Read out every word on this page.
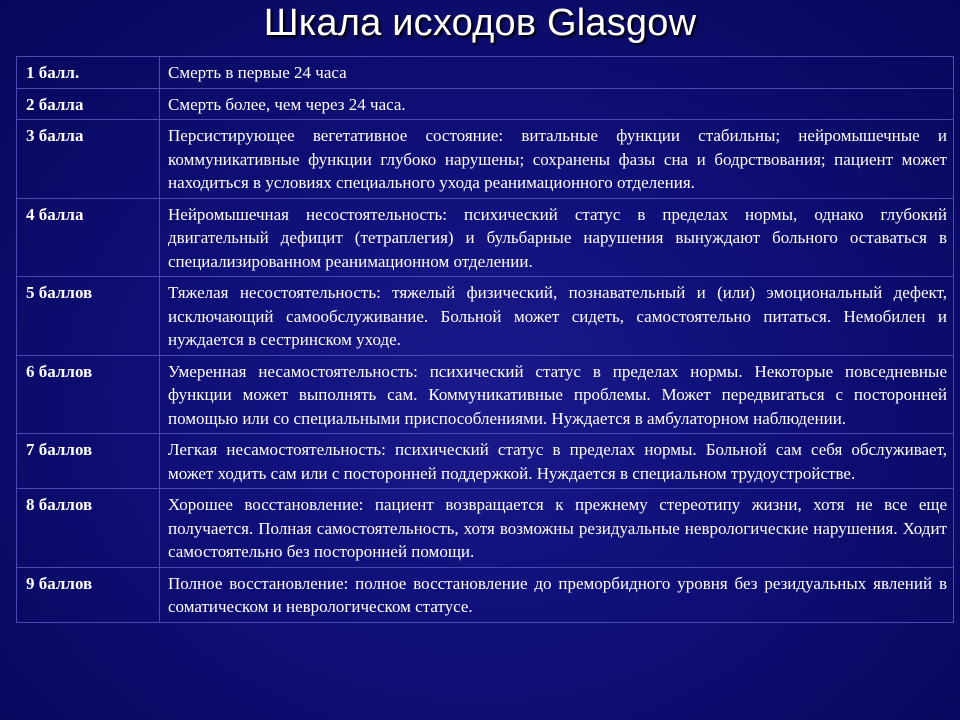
Шкала исходов Glasgow
1 балл.	Смерть в первые 24 часа
2 балла	Смерть более, чем через 24 часа.
3 балла	Персистирующее вегетативное состояние: витальные функции стабильны; нейромышечные и коммуникативные функции глубоко нарушены; сохранены фазы сна и бодрствования; пациент может находиться в условиях специального ухода реанимационного отделения.
4 балла	Нейромышечная несостоятельность: психический статус в пределах нормы, однако глубокий двигательный дефицит (тетраплегия) и бульбарные нарушения вынуждают больного оставаться в специализированном реанимационном отделении.
5 баллов	Тяжелая несостоятельность: тяжелый физический, познавательный и (или) эмоциональный дефект, исключающий самообслуживание. Больной может сидеть, самостоятельно питаться. Немобилен и нуждается в сестринском уходе.
6 баллов	Умеренная несамостоятельность: психический статус в пределах нормы. Некоторые повседневные функции может выполнять сам. Коммуникативные проблемы. Может передвигаться с посторонней помощью или со специальными приспособлениями. Нуждается в амбулаторном наблюдении.
7 баллов	Легкая несамостоятельность: психический статус в пределах нормы. Больной сам себя обслуживает, может ходить сам или с посторонней поддержкой. Нуждается в специальном трудоустройстве.
8 баллов	Хорошее восстановление: пациент возвращается к прежнему стереотипу жизни, хотя не все еще получается. Полная самостоятельность, хотя возможны резидуальные неврологические нарушения. Ходит самостоятельно без посторонней помощи.
9 баллов	Полное восстановление: полное восстановление до преморбидного уровня без резидуальных явлений в соматическом и неврологическом статусе.
